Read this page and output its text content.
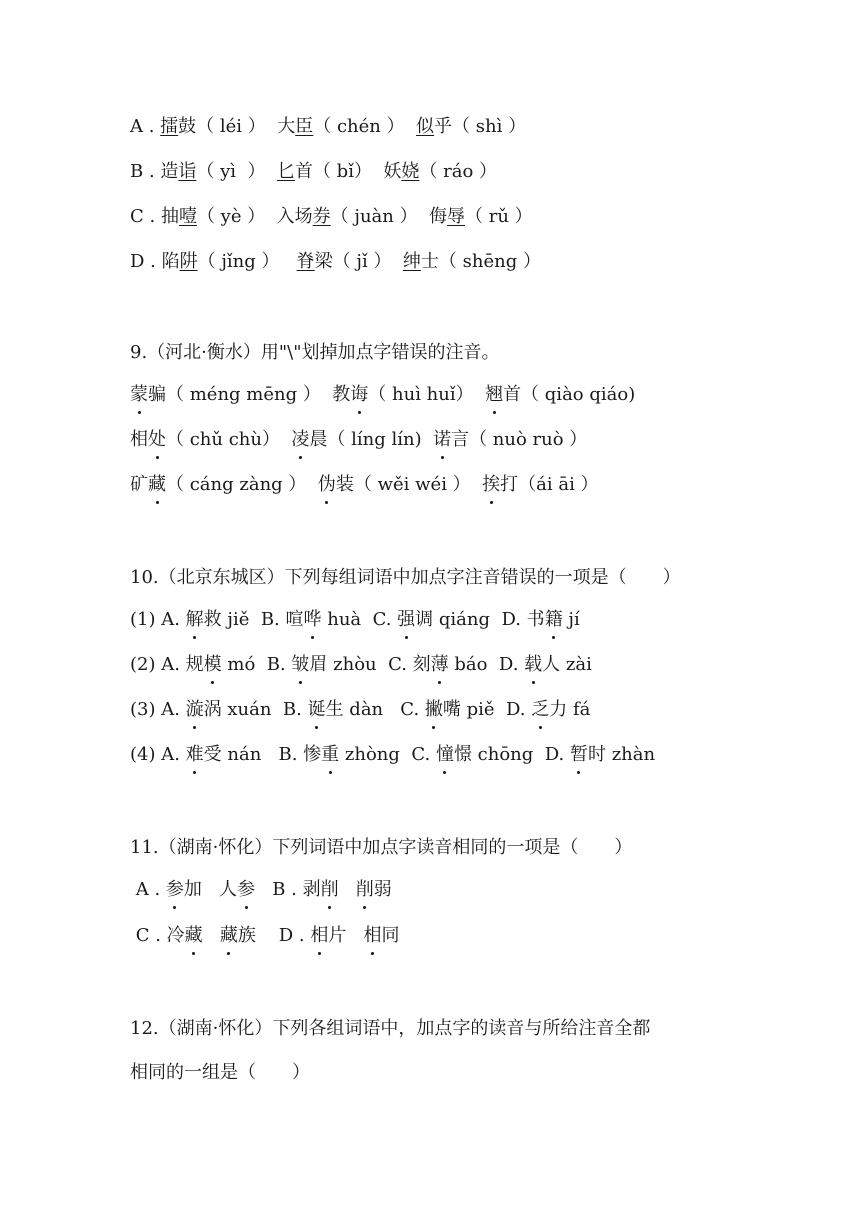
A . 擂鼓（ léi ）  大臣（ chén ）  似乎（ shì ）
B . 造诣（ yì  ）  匕首（ bǐ）  妖娆（ ráo ）
C . 抽噎（ yè ）  入场券（ juàn ）  侮辱（ rǔ ）
D . 陷阱（ jǐng ）   脊梁（ jǐ ）  绅士（ shēng ）
9.（河北·衡水）用"\"划掉加点字错误的注音。
蒙骗（ méng mēng ）  教诲（ huì huǐ）  翘首（ qiào qiáo)
相处（ chǔ chù）  凌晨（ líng lín)  诺言（ nuò ruò ）
矿藏（ cáng zàng ）  伪装（ wěi wéi ）  挨打（ái āi ）
10.（北京东城区）下列每组词语中加点字注音错误的一项是（　　）
(1) A. 解救 jiě  B. 喧哗 huà  C. 强调 qiáng  D. 书籍 jí
(2) A. 规模 mó  B. 皱眉 zhòu  C. 刻薄 báo  D. 载人 zài
(3) A. 漩涡 xuán  B. 诞生 dàn   C. 撇嘴 piě  D. 乏力 fá
(4) A. 难受 nán   B. 惨重 zhòng  C. 憧憬 chōng  D. 暂时 zhàn
11.（湖南·怀化）下列词语中加点字读音相同的一项是（　　）
A . 参加   人参   B . 剥削 削弱
C . 冷藏 藏族    D . 相片   相同
12.（湖南·怀化）下列各组词语中，加点字的读音与所给注音全都
相同的一组是（　　）
